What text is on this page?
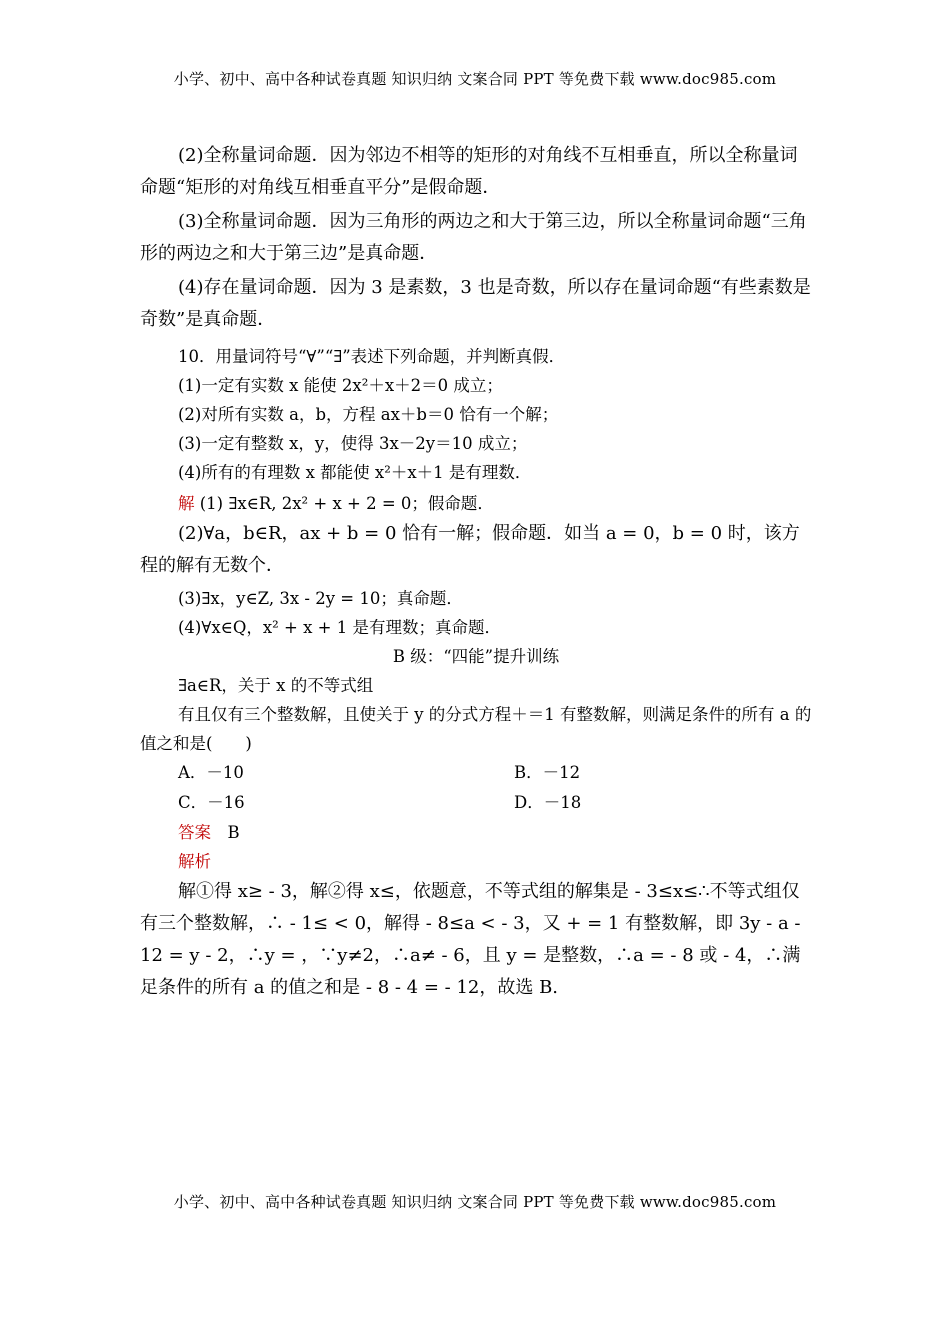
小学、初中、高中各种试卷真题 知识归纳 文案合同 PPT 等免费下载 www.doc985.com

(2)全称量词命题．因为邻边不相等的矩形的对角线不互相垂直，所以全称量词命题“矩形的对角线互相垂直平分”是假命题．

(3)全称量词命题．因为三角形的两边之和大于第三边，所以全称量词命题“三角形的两边之和大于第三边”是真命题．

(4)存在量词命题．因为 3 是素数，3 也是奇数，所以存在量词命题“有些素数是奇数”是真命题．

10．用量词符号“∀”“∃”表述下列命题，并判断真假．

(1)一定有实数 x 能使 2x²＋x＋2＝0 成立；

(2)对所有实数 a，b，方程 ax＋b＝0 恰有一个解；

(3)一定有整数 x，y，使得 3x－2y＝10 成立；

(4)所有的有理数 x 都能使 x²＋x＋1 是有理数．

解 (1) ∃x∈R, 2x² + x + 2 = 0；假命题．

(2)∀a，b∈R，ax + b = 0 恰有一解；假命题．如当 a = 0，b = 0 时，该方程的解有无数个．

(3)∃x，y∈Z, 3x - 2y = 10；真命题．

(4)∀x∈Q，x² + x + 1 是有理数；真命题．

B 级：“四能”提升训练

∃a∈R，关于 x 的不等式组

有且仅有三个整数解，且使关于 y 的分式方程＋＝1 有整数解，则满足条件的所有 a 的值之和是(　　)

A．－10	B．－12
C．－16	D．－18

答案　B

解析

解①得 x≥ - 3，解②得 x≤，依题意，不等式组的解集是 - 3≤x≤∴不等式组仅有三个整数解，∴ - 1≤ < 0，解得 - 8≤a < - 3，又 + = 1 有整数解，即 3y - a - 12 = y - 2，∴y = ，∵y≠2，∴a≠ - 6，且 y = 是整数，∴a = - 8 或 - 4，∴满足条件的所有 a 的值之和是 - 8 - 4 = - 12，故选 B.

小学、初中、高中各种试卷真题 知识归纳 文案合同 PPT 等免费下载 www.doc985.com
